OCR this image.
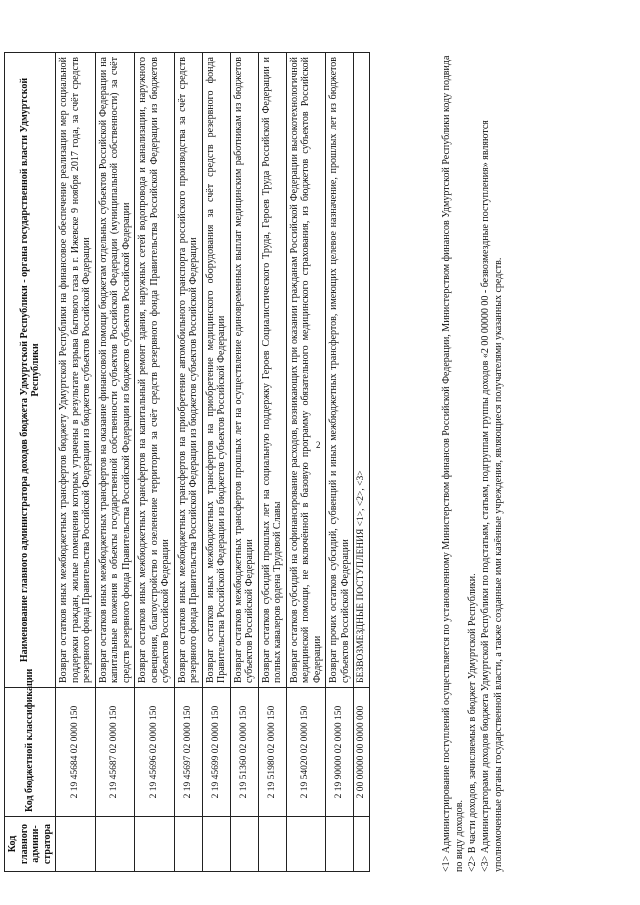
2
Код главного админи-стратора	Код бюджетной классификации	Наименование главного администратора доходов бюджета Удмуртской Республики - органа государственной власти Удмуртской Республики
	2 19 45684 02 0000 150	Возврат остатков иных межбюджетных трансфертов бюджету Удмуртской Республики на финансовое обеспечение реализации мер социальной поддержки граждан, жилые помещения которых утрачены в результате взрыва бытового газа в г. Ижевске 9 ноября 2017 года, за счёт средств резервного фонда Правительства Российской Федерации из бюджетов субъектов Российской Федерации
	2 19 45687 02 0000 150	Возврат остатков иных межбюджетных трансфертов на оказание финансовой помощи бюджетам отдельных субъектов Российской Федерации на капитальные вложения в объекты государственной собственности субъектов Российской Федерации (муниципальной собственности) за счёт средств резервного фонда Правительства Российской Федерации из бюджетов субъектов Российской Федерации
	2 19 45696 02 0000 150	Возврат остатков иных межбюджетных трансфертов на капитальный ремонт здания, наружных сетей водопровода и канализации, наружного освещения, благоустройство и озеленение территории за счёт средств резервного фонда Правительства Российской Федерации из бюджетов субъектов Российской Федерации
	2 19 45697 02 0000 150	Возврат остатков иных межбюджетных трансфертов на приобретение автомобильного транспорта российского производства за счёт средств резервного фонда Правительства Российской Федерации из бюджетов субъектов Российской Федерации
	2 19 45699 02 0000 150	Возврат остатков иных межбюджетных трансфертов на приобретение медицинского оборудования за счёт средств резервного фонда Правительства Российской Федерации из бюджетов субъектов Российской Федерации
	2 19 51360 02 0000 150	Возврат остатков межбюджетных трансфертов прошлых лет на осуществление единовременных выплат медицинским работникам из бюджетов субъектов Российской Федерации
	2 19 51980 02 0000 150	Возврат остатков субсидий прошлых лет на социальную поддержку Героев Социалистического Труда, Героев Труда Российской Федерации и полных кавалеров ордена Трудовой Славы
	2 19 54020 02 0000 150	Возврат остатков субсидий на софинансирование расходов, возникающих при оказании гражданам Российской Федерации высокотехнологичной медицинской помощи, не включённой в базовую программу обязательного медицинского страхования, из бюджетов субъектов Российской Федерации
	2 19 90000 02 0000 150	Возврат прочих остатков субсидий, субвенций и иных межбюджетных трансфертов, имеющих целевое назначение, прошлых лет из бюджетов субъектов Российской Федерации
	2 00 00000 00 0000 000	БЕЗВОЗМЕЗДНЫЕ ПОСТУПЛЕНИЯ <1>, <2>, <3>	<1> Администрирование поступлений осуществляется по установленному Министерством финансов Российской Федерации, Министерством финансов Удмуртской Республики коду подвида по виду доходов. <2> В части доходов, зачисляемых в бюджет Удмуртской Республики. <3> Администраторами доходов бюджета Удмуртской Республики по подстатьям, статьям, подгруппам группы доходов «2 00 00000 00 - безвозмездные поступления» являются уполномоченные органы государственной власти, а также созданные ими казённые учреждения, являющиеся получателями указанных средств.
